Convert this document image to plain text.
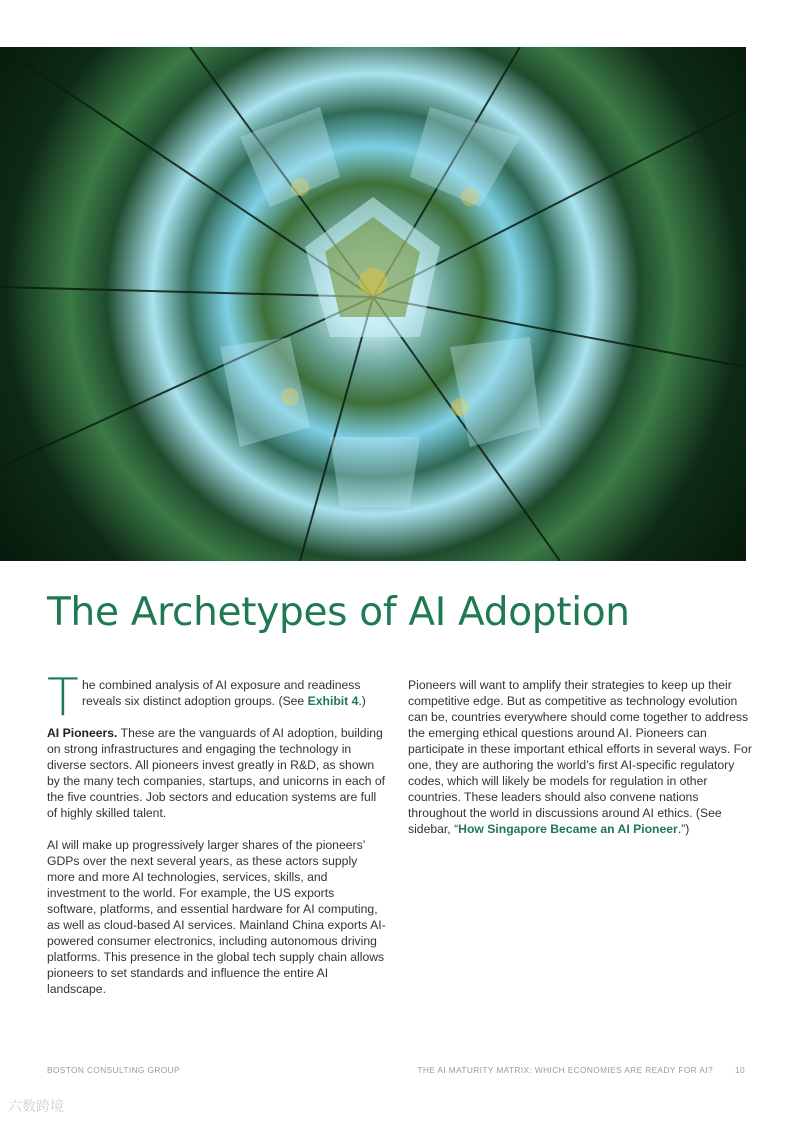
The Archetypes of AI Adoption

T he combined analysis of AI exposure and readiness reveals six distinct adoption groups. (See Exhibit 4.)

AI Pioneers. These are the vanguards of AI adoption, building on strong infrastructures and engaging the technology in diverse sectors. All pioneers invest greatly in R&D, as shown by the many tech companies, startups, and unicorns in each of the five countries. Job sectors and education systems are full of highly skilled talent.

AI will make up progressively larger shares of the pioneers’ GDPs over the next several years, as these actors supply more and more AI technologies, services, skills, and investment to the world. For example, the US exports software, platforms, and essential hardware for AI computing, as well as cloud-based AI services. Mainland China exports AI-powered consumer electronics, including autonomous driving platforms. This presence in the global tech supply chain allows pioneers to set standards and influence the entire AI landscape.

Pioneers will want to amplify their strategies to keep up their competitive edge. But as competitive as technology evolution can be, countries everywhere should come together to address the emerging ethical questions around AI. Pioneers can participate in these important ethical efforts in several ways. For one, they are authoring the world’s first AI-specific regulatory codes, which will likely be models for regulation in other countries. These leaders should also convene nations throughout the world in discussions around AI ethics. (See sidebar, “How Singapore Became an AI Pioneer.”)

BOSTON CONSULTING GROUP	THE AI MATURITY MATRIX: WHICH ECONOMIES ARE READY FOR AI?	10
六数跨境
